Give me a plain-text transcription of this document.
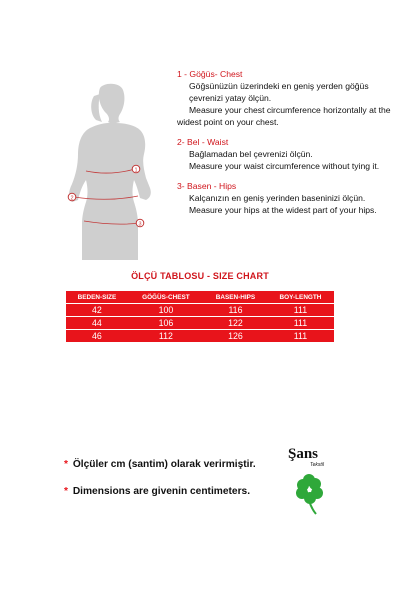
1
2
3
1 - Göğüs- Chest
Göğsünüzün üzerindeki en geniş yerden göğüs çevrenizi yatay ölçün.
Measure your chest circumference horizontally at the widest point on your chest.
2- Bel - Waist
Bağlamadan bel çevrenizi ölçün.
Measure your waist circumference without tying it.
3- Basen - Hips
Kalçanızın en geniş yerinden baseninizi ölçün.
Measure your hips at the widest part of your hips.
ÖLÇÜ TABLOSU - SIZE CHART
BEDEN-SIZE	GÖĞÜS-CHEST	BASEN-HIPS	BOY-LENGTH
42	100	116	111
44	106	122	111
46	112	126	111
* Ölçüler cm (santim) olarak verirmiştir.
* Dimensions are givenin centimeters.
Şans
Tekstil
